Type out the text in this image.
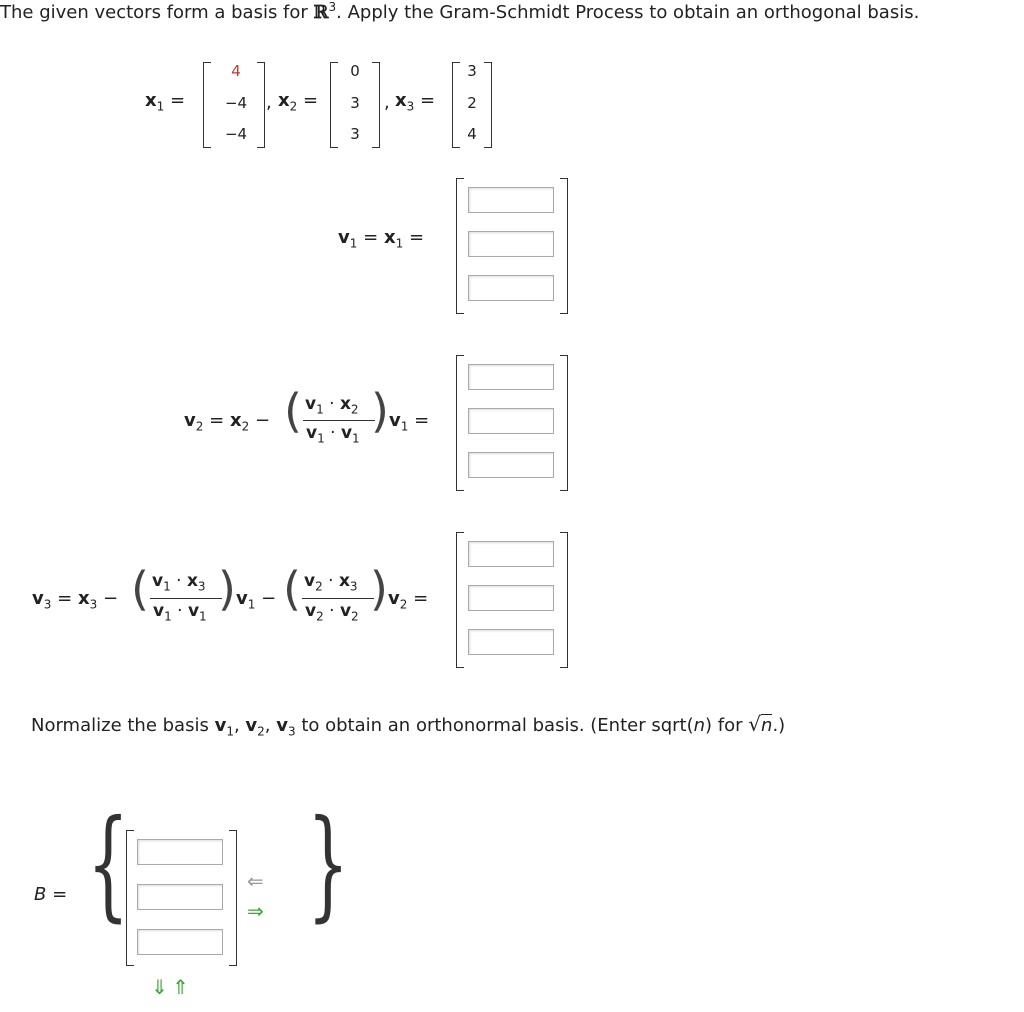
The given vectors form a basis for ℝ$^3$. Apply the Gram-Schmidt Process to obtain an orthogonal basis.
$x_1$ =
4
−4
−4
, $x_2$ =
0
3
3
, $x_3$ =
3
2
4
$v_1 = x_1$ =
$v_2 = x_2$ − ( $v_1 \cdot x_2$
$v_1 \cdot v_1$
) $v_1$ =
$v_3 = x_3$ − ( $v_1 \cdot x_3$
$v_1 \cdot v_1$
) $v_1$ − ( $v_2 \cdot x_3$
$v_2 \cdot v_2$
) $v_2$ =
Normalize the basis $v_1$, $v_2$, $v_3$ to obtain an orthonormal basis. (Enter sqrt(n) for √n.)
B = {	⇐
⇒ }
⇓ ⇑
